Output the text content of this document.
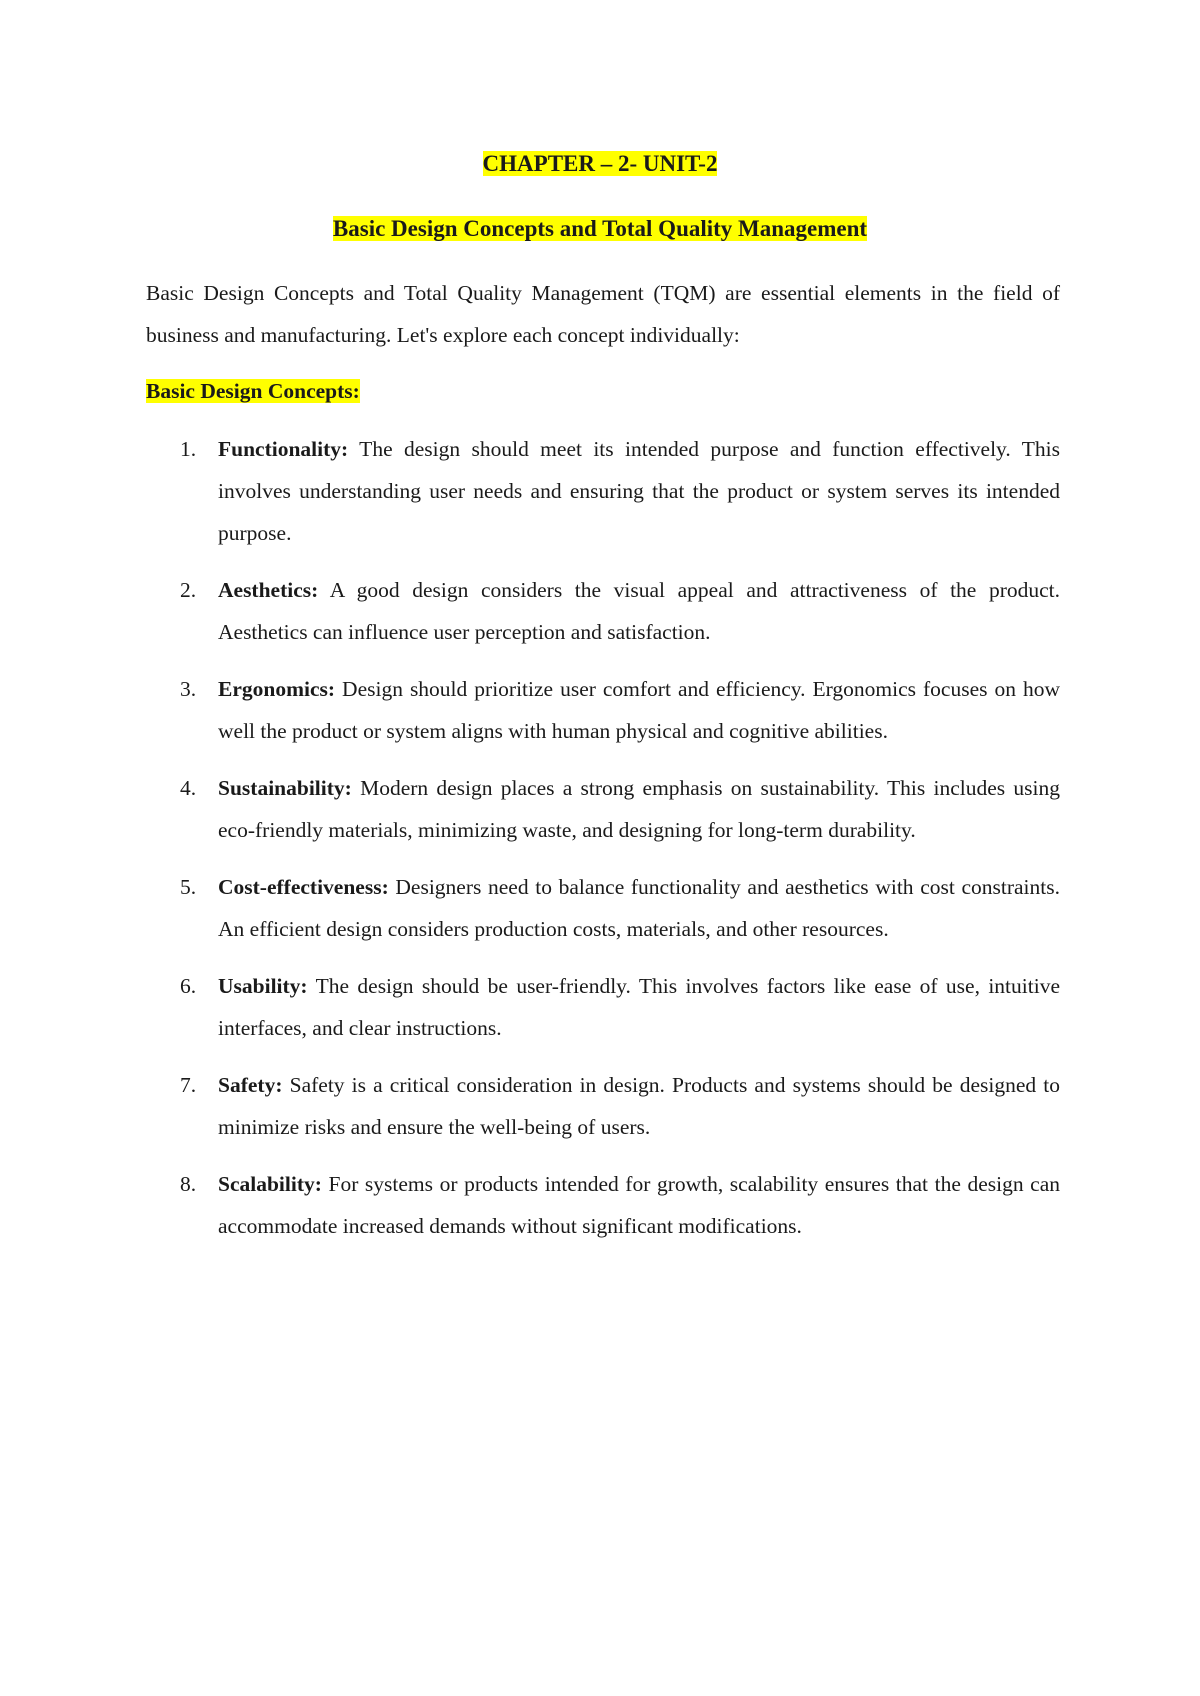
CHAPTER – 2- UNIT-2
Basic Design Concepts and Total Quality Management

Basic Design Concepts and Total Quality Management (TQM) are essential elements in the field of business and manufacturing. Let's explore each concept individually:

Basic Design Concepts:
1. Functionality: The design should meet its intended purpose and function effectively. This involves understanding user needs and ensuring that the product or system serves its intended purpose.
2. Aesthetics: A good design considers the visual appeal and attractiveness of the product. Aesthetics can influence user perception and satisfaction.
3. Ergonomics: Design should prioritize user comfort and efficiency. Ergonomics focuses on how well the product or system aligns with human physical and cognitive abilities.
4. Sustainability: Modern design places a strong emphasis on sustainability. This includes using eco-friendly materials, minimizing waste, and designing for long-term durability.
5. Cost-effectiveness: Designers need to balance functionality and aesthetics with cost constraints. An efficient design considers production costs, materials, and other resources.
6. Usability: The design should be user-friendly. This involves factors like ease of use, intuitive interfaces, and clear instructions.
7. Safety: Safety is a critical consideration in design. Products and systems should be designed to minimize risks and ensure the well-being of users.
8. Scalability: For systems or products intended for growth, scalability ensures that the design can accommodate increased demands without significant modifications.
